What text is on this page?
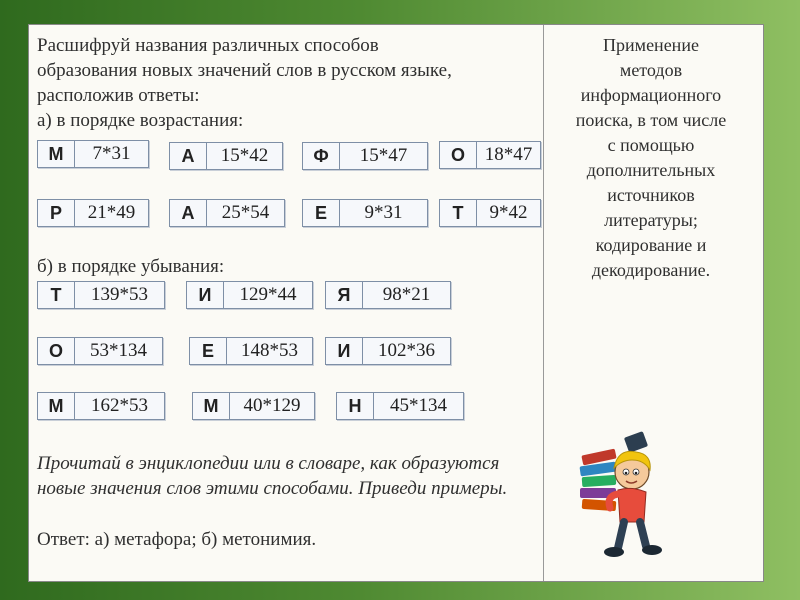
Расшифруй названия различных способов
образования новых значений слов в русском языке,
расположив ответы:
а) в порядке возрастания:
М	7*31	А	15*42	Ф	15*47	О	18*47
Р	21*49	А	25*54	Е	9*31	Т	9*42

б) в порядке убывания:

Т	139*53	И	129*44	Я	98*21
О	53*134	Е	148*53	И	102*36
М	162*53	М	40*129	Н	45*134

Прочитай в энциклопедии или в словаре, как образуются новые значения слов этими способами. Приведи примеры.

Ответ: а) метафора; б) метонимия.

Применение
методов
информационного
поиска, в том числе
с помощью
дополнительных
источников
литературы;
кодирование и
декодирование.
